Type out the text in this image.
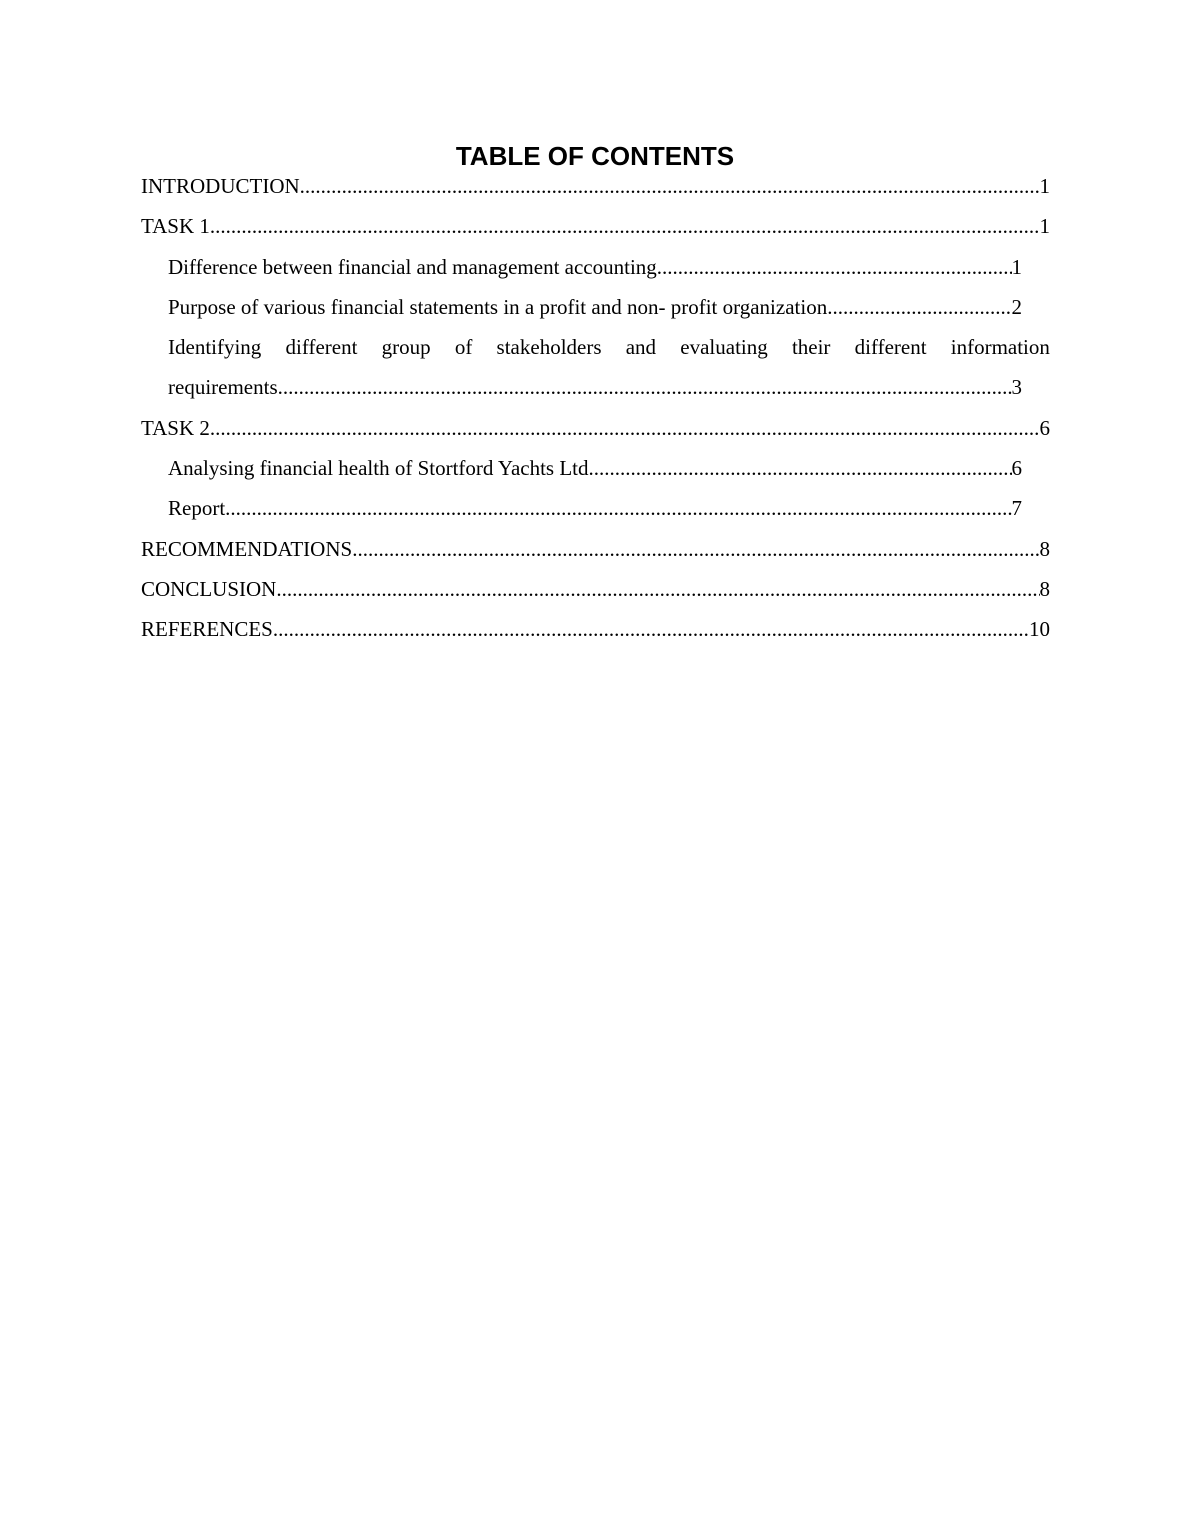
TABLE OF CONTENTS
INTRODUCTION .....	1
TASK 1 .....	1
Difference between financial and management accounting .....	1
Purpose of various financial statements in a profit and non- profit organization .....	2
Identifying different group of stakeholders and evaluating their different information
requirements .....	3
TASK 2 .....	6
Analysing financial health of Stortford Yachts Ltd .....	6
Report .....	7
RECOMMENDATIONS .....	8
CONCLUSION .....	8
REFERENCES .....	10
